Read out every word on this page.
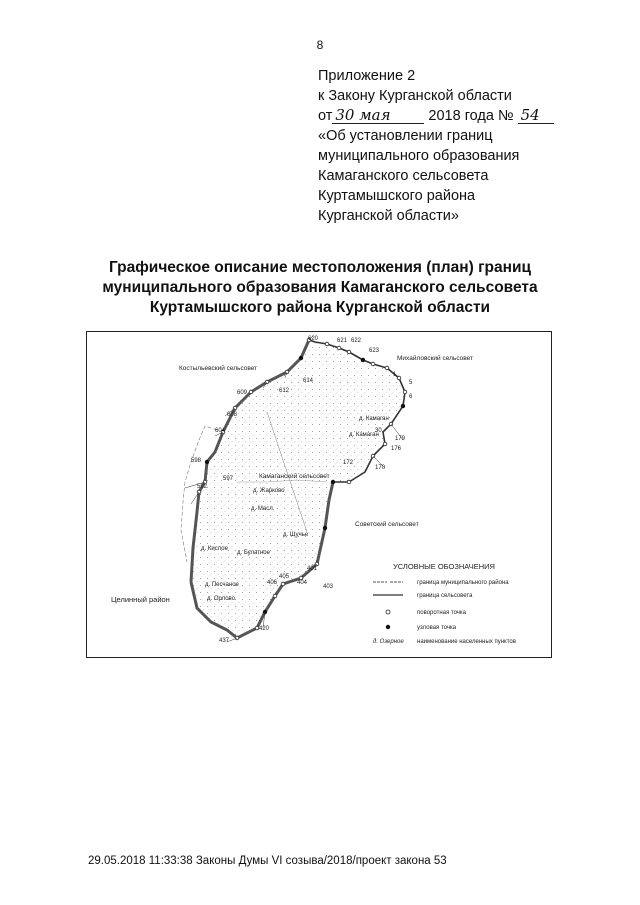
8
Приложение 2
к Закону Курганской области
от 30 мая	2018 года № 54
«Об установлении границ
муниципального образования
Камаганского сельсовета
Куртамышского района
Курганской области»
Графическое описание местоположения (план) границ
муниципального образования Камаганского сельсовета
Куртамышского района Курганской области
620	621 622
623
1
5
6
614
612
609
608
604
598
597
592
30
179
176
172
170
401
403
404
405
406
420
437
Костыльевский сельсовет
Михайловский сельсовет
Камаганский сельсовет
Советский сельсовет
Целинный район
д. Камаган
д. Камаган
д. Жарково
д. Масл.
д. Щучье
д. Кислое
д. Булатное
д. Песчаное
д. Орлово
УСЛОВНЫЕ ОБОЗНАЧЕНИЯ
граница муниципального района
граница сельсовета
поворотная точка
узловая точка
д. Озерное наименование населенных пунктов
29.05.2018 11:33:38 Законы Думы VI созыва/2018/проект закона 53
